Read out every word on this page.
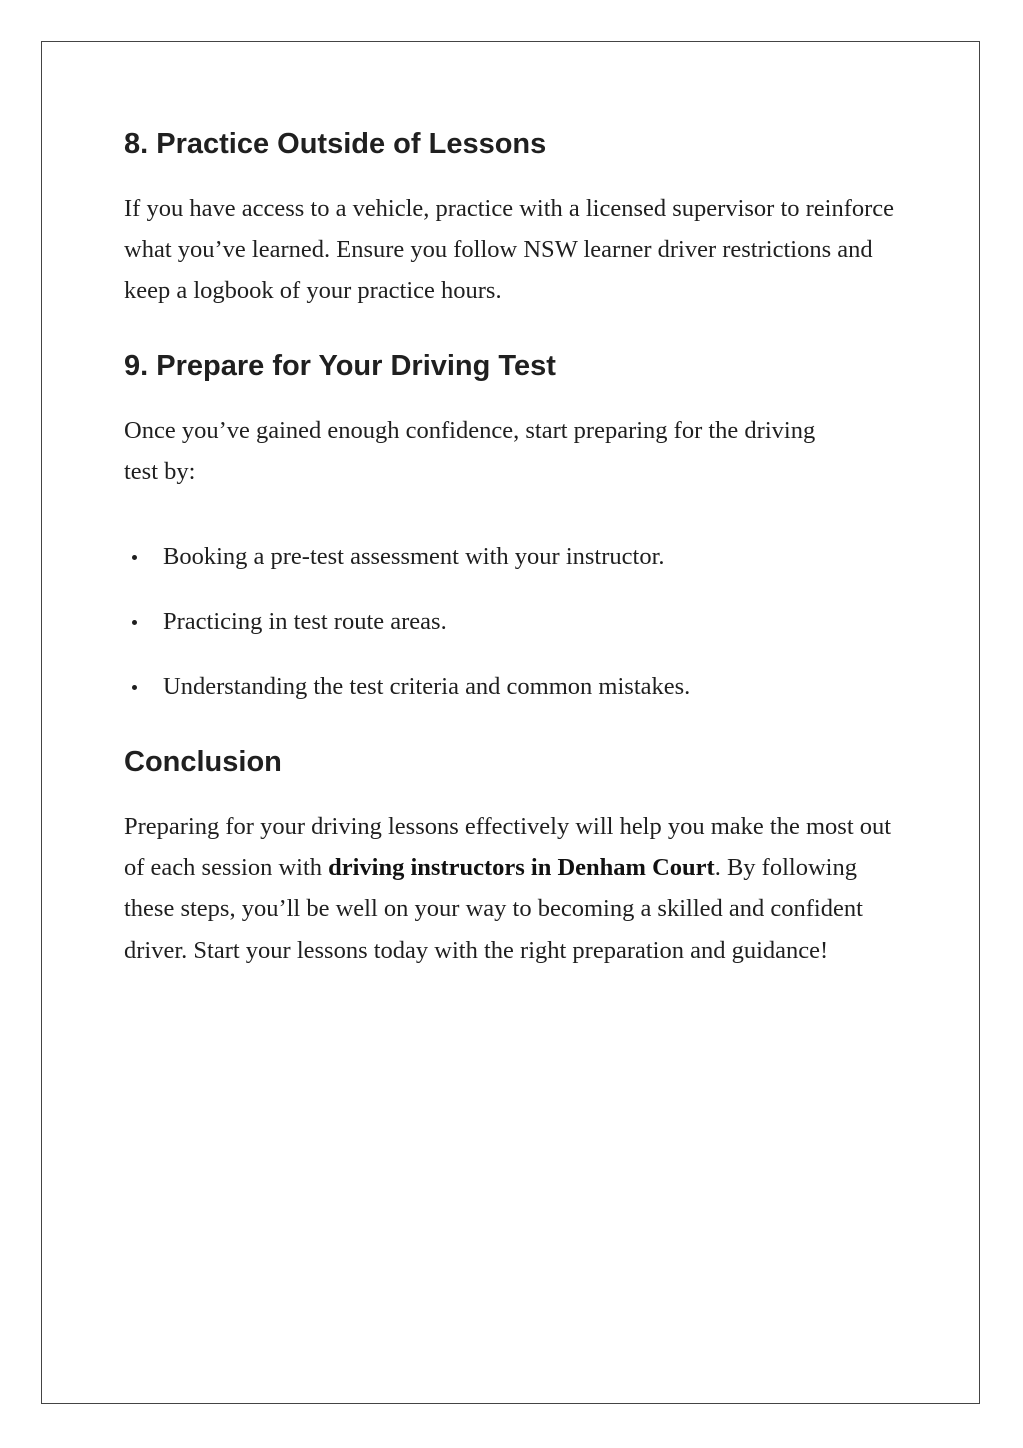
8. Practice Outside of Lessons

If you have access to a vehicle, practice with a licensed supervisor to reinforce what you’ve learned. Ensure you follow NSW learner driver restrictions and keep a logbook of your practice hours.

9. Prepare for Your Driving Test

Once you’ve gained enough confidence, start preparing for the driving test by:

Booking a pre-test assessment with your instructor.
Practicing in test route areas.
Understanding the test criteria and common mistakes.
Conclusion

Preparing for your driving lessons effectively will help you make the most out of each session with driving instructors in Denham Court. By following these steps, you’ll be well on your way to becoming a skilled and confident driver. Start your lessons today with the right preparation and guidance!
